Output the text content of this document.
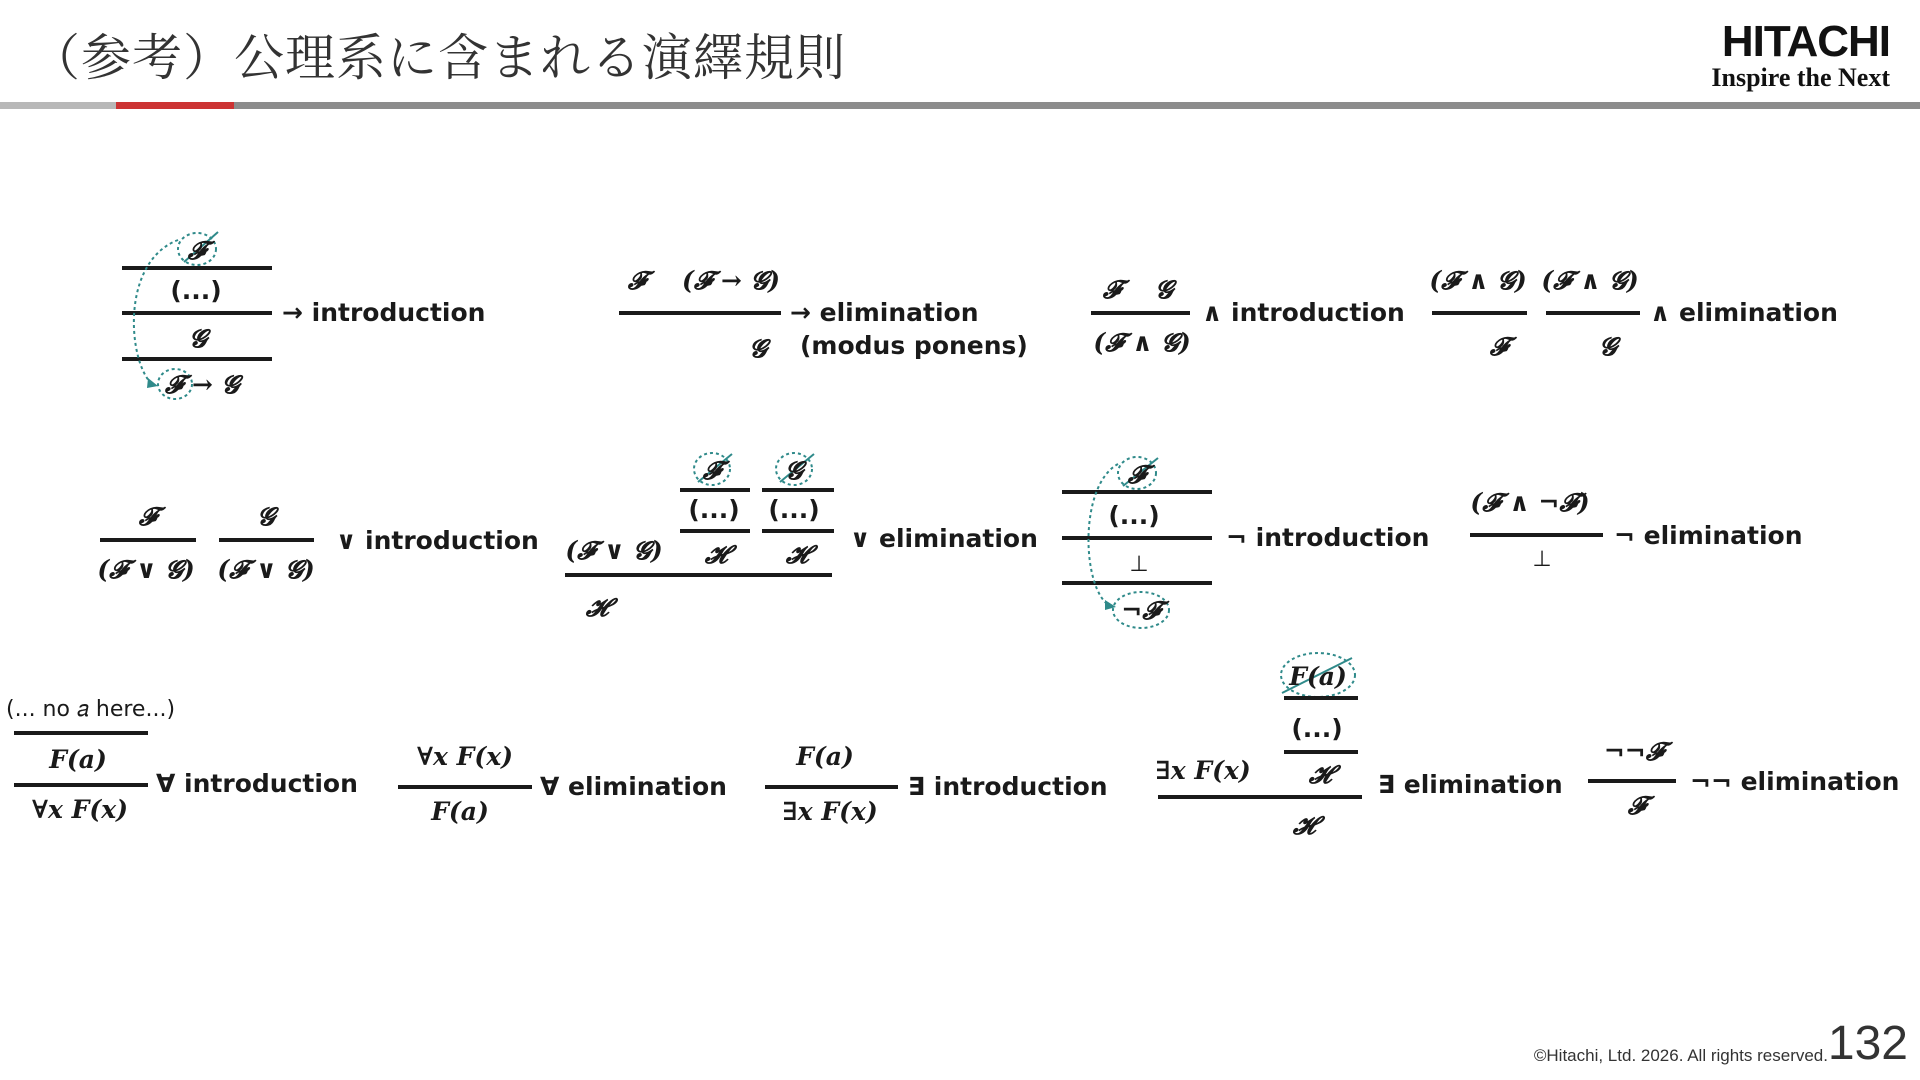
（参考）公理系に含まれる演繹規則	HITACHI
Inspire the Next
𝓕
(...)
𝓖
𝓕 → 𝓖
→ introduction
𝓕	(𝓕 → 𝓖)
𝓖
→ elimination
(modus ponens)
𝓕	𝓖
(𝓕 ∧ 𝓖)
∧ introduction
(𝓕 ∧ 𝓖)
𝓕
(𝓕 ∧ 𝓖)
𝓖
∧ elimination
𝓕
(𝓕 ∨ 𝓖)
𝓖
(𝓕 ∨ 𝓖)
∨ introduction
𝓕	𝓖
(...) (...)
(𝓕 ∨ 𝓖) 𝓗	𝓗
𝓗
∨ elimination
𝓕
(...)
⊥
¬𝓕
¬ introduction
(𝓕 ∧ ¬𝓕)
⊥
¬ elimination
(... no 𝑎 here...)
𝑭(𝒂)
∀𝒙 𝑭(𝒙)
∀ introduction
∀𝒙 𝑭(𝒙)
𝑭(𝒂)
∀ elimination
𝑭(𝒂)
∃𝒙 𝑭(𝒙)
∃ introduction
𝑭(𝒂)
(...)
∃𝒙 𝑭(𝒙) 𝓗
𝓗
∃ elimination
¬¬𝓕
𝓕
¬¬ elimination
©Hitachi, Ltd. 2026. All rights reserved. 132
